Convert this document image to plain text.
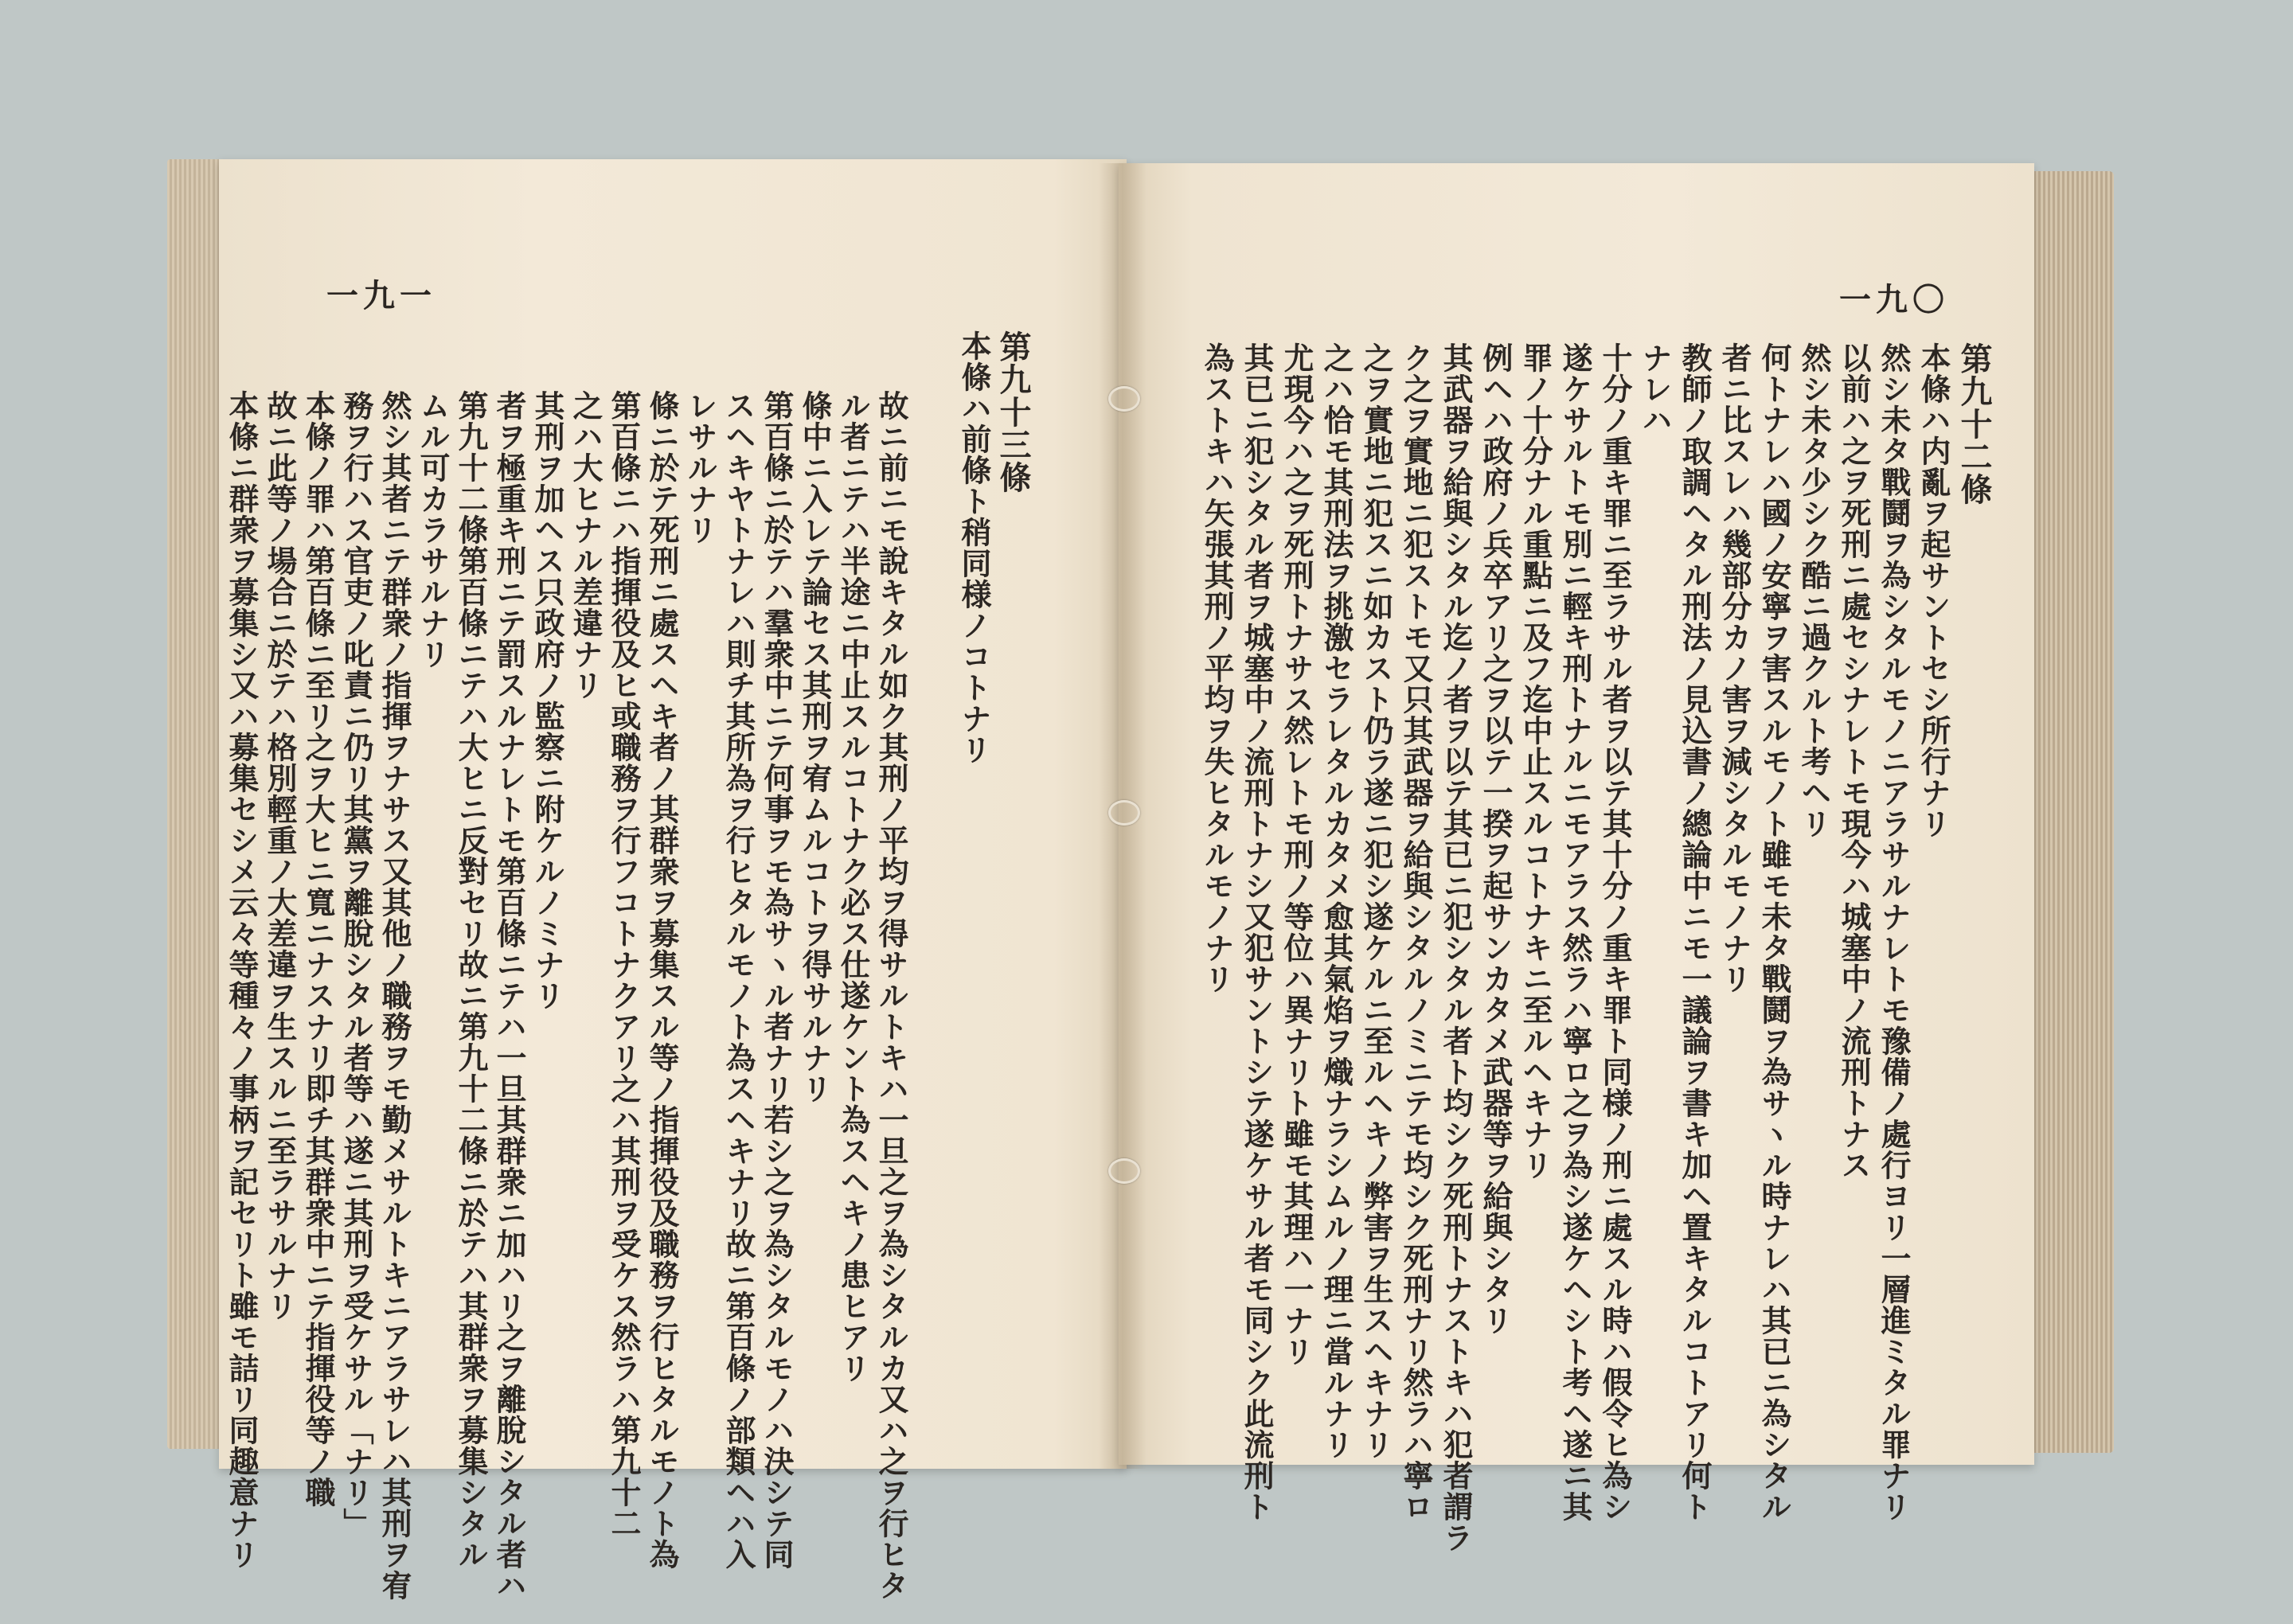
一九一
第九十三條
本條ハ前條ト稍同様ノコトナリ
故ニ前ニモ說キタル如ク其刑ノ平均ヲ得サルトキハ一旦之ヲ為シタルカ又ハ之ヲ行ヒタ
ル者ニテハ半途ニ中止スルコトナク必ス仕遂ケント為スヘキノ患ヒアリ
條中ニ入レテ論セス其刑ヲ宥ムルコトヲ得サルナリ
第百條ニ於テハ羣衆中ニテ何事ヲモ為サヽル者ナリ若シ之ヲ為シタルモノハ決シテ同
スヘキヤトナレハ則チ其所為ヲ行ヒタルモノト為スヘキナリ故ニ第百條ノ部類ヘハ入
レサルナリ
條ニ於テ死刑ニ處スヘキ者ノ其群衆ヲ募集スル等ノ指揮役及職務ヲ行ヒタルモノト為
第百條ニハ指揮役及ヒ或職務ヲ行フコトナクアリ之ハ其刑ヲ受ケス然ラハ第九十二
之ハ大ヒナル差違ナリ
其刑ヲ加ヘス只政府ノ監察ニ附ケルノミナリ
者ヲ極重キ刑ニテ罰スルナレトモ第百條ニテハ一旦其群衆ニ加ハリ之ヲ離脫シタル者ハ
第九十二條第百條ニテハ大ヒニ反對セリ故ニ第九十二條ニ於テハ其群衆ヲ募集シタル
ムル可カラサルナリ
然シ其者ニテ群衆ノ指揮ヲナサス又其他ノ職務ヲモ勤メサルトキニアラサレハ其刑ヲ宥
務ヲ行ハス官吏ノ叱責ニ仍リ其黨ヲ離脫シタル者等ハ遂ニ其刑ヲ受ケサル「ナリ」
本條ノ罪ハ第百條ニ至リ之ヲ大ヒニ寬ニナスナリ即チ其群衆中ニテ指揮役等ノ職
故ニ此等ノ場合ニ於テハ格別輕重ノ大差違ヲ生スルニ至ラサルナリ
本條ニ群衆ヲ募集シ又ハ募集セシメ云々等種々ノ事柄ヲ記セリト雖モ詰リ同趣意ナリ
一九〇
第九十二條
本條ハ内亂ヲ起サントセシ所行ナリ
然シ未タ戰鬪ヲ為シタルモノニアラサルナレトモ豫備ノ處行ヨリ一層進ミタル罪ナリ
以前ハ之ヲ死刑ニ處セシナレトモ現今ハ城塞中ノ流刑トナス
然シ未タ少シク酷ニ過クルト考ヘリ
何トナレハ國ノ安寧ヲ害スルモノト雖モ未タ戰鬪ヲ為サヽル時ナレハ其已ニ為シタル
者ニ比スレハ幾部分カノ害ヲ減シタルモノナリ
教師ノ取調ヘタル刑法ノ見込書ノ總論中ニモ一議論ヲ書キ加ヘ置キタルコトアリ何ト
ナレハ
十分ノ重キ罪ニ至ラサル者ヲ以テ其十分ノ重キ罪ト同様ノ刑ニ處スル時ハ假令ヒ為シ
遂ケサルトモ別ニ輕キ刑トナルニモアラス然ラハ寧ロ之ヲ為シ遂ケヘシト考ヘ遂ニ其
罪ノ十分ナル重點ニ及フ迄中止スルコトナキニ至ルヘキナリ
例ヘハ政府ノ兵卒アリ之ヲ以テ一揆ヲ起サンカタメ武器等ヲ給與シタリ
其武器ヲ給與シタル迄ノ者ヲ以テ其已ニ犯シタル者ト均シク死刑トナストキハ犯者謂ラ
ク之ヲ實地ニ犯ストモ又只其武器ヲ給與シタルノミニテモ均シク死刑ナリ然ラハ寧ロ
之ヲ實地ニ犯スニ如カスト仍ラ遂ニ犯シ遂ケルニ至ルヘキノ弊害ヲ生スヘキナリ
之ハ恰モ其刑法ヲ挑激セラレタルカタメ愈其氣焰ヲ熾ナラシムルノ理ニ當ルナリ
尤現今ハ之ヲ死刑トナサス然レトモ刑ノ等位ハ異ナリト雖モ其理ハ一ナリ
其已ニ犯シタル者ヲ城塞中ノ流刑トナシ又犯サントシテ遂ケサル者モ同シク此流刑ト
為ストキハ矢張其刑ノ平均ヲ失ヒタルモノナリ
